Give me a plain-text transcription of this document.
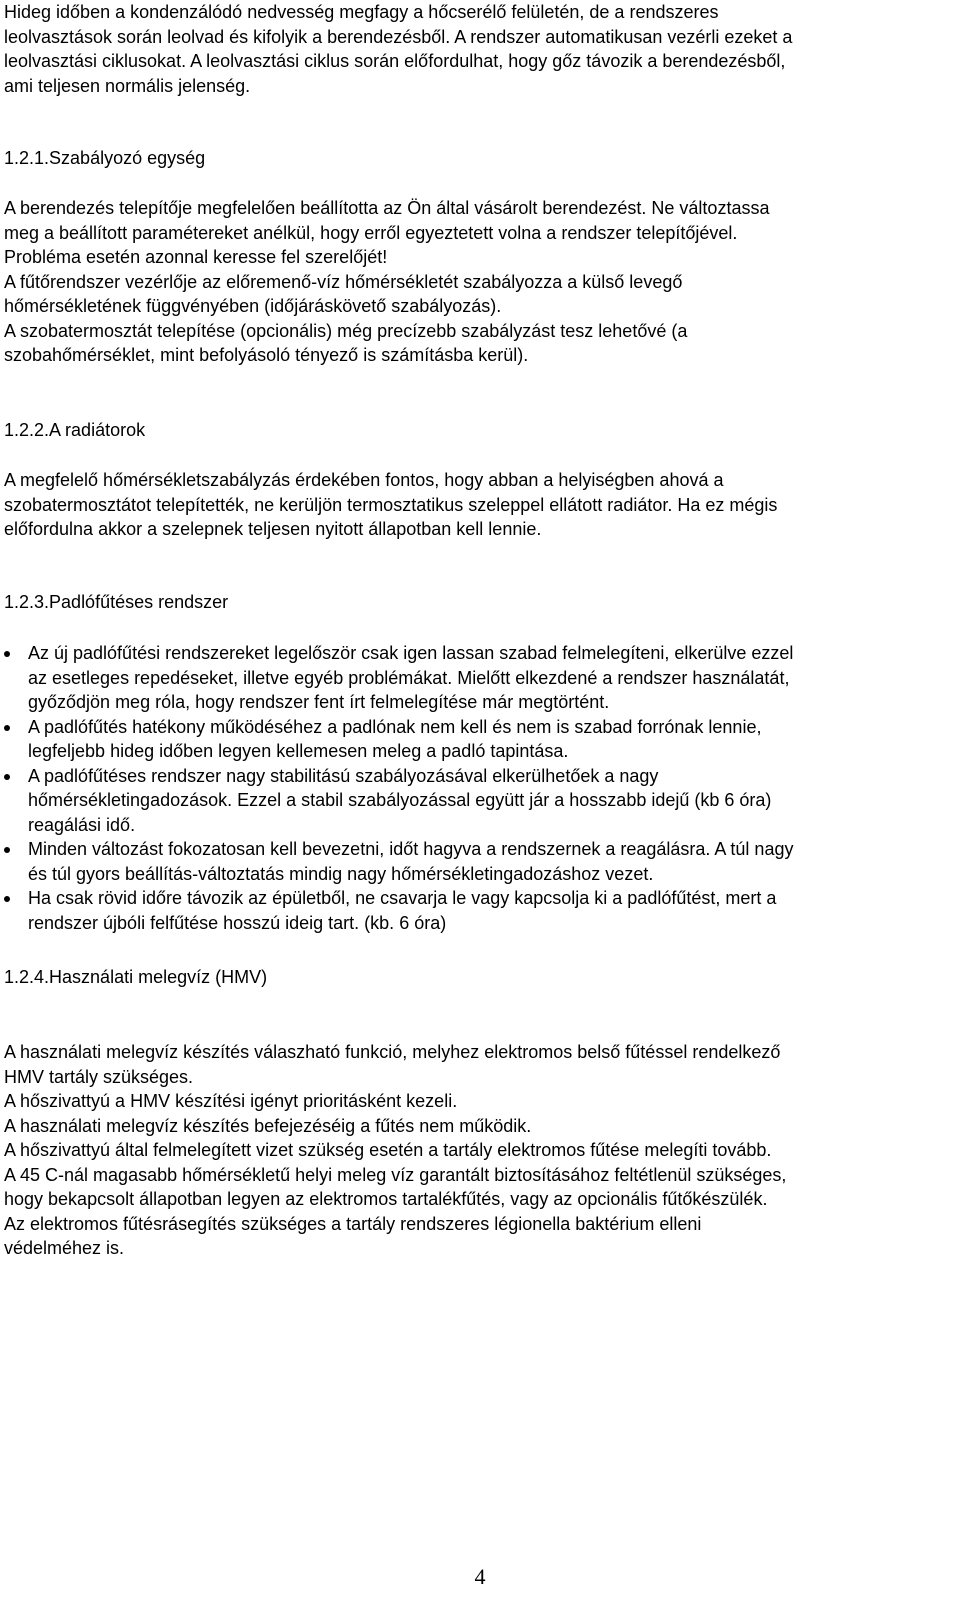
Hideg időben a kondenzálódó nedvesség megfagy a hőcserélő felületén, de a rendszeres
leolvasztások során leolvad és kifolyik a berendezésből. A rendszer automatikusan vezérli ezeket a
leolvasztási ciklusokat. A leolvasztási ciklus során előfordulhat, hogy gőz távozik a berendezésből,
ami teljesen normális jelenség.
1.2.1.Szabályozó egység
A berendezés telepítője megfelelően beállította az Ön által vásárolt berendezést. Ne változtassa
meg a beállított paramétereket anélkül, hogy erről egyeztetett volna a rendszer telepítőjével.
Probléma esetén azonnal keresse fel szerelőjét!
A fűtőrendszer vezérlője az előremenő-víz hőmérsékletét szabályozza a külső levegő
hőmérsékletének függvényében (időjáráskövető szabályozás).
A szobatermosztát telepítése (opcionális) még precízebb szabályzást tesz lehetővé (a
szobahőmérséklet, mint befolyásoló tényező is számításba kerül).
1.2.2.A radiátorok
A megfelelő hőmérsékletszabályzás érdekében fontos, hogy abban a helyiségben ahová a
szobatermosztátot telepítették, ne kerüljön termosztatikus szeleppel ellátott radiátor. Ha ez mégis
előfordulna akkor a szelepnek teljesen nyitott állapotban kell lennie.
1.2.3.Padlófűtéses rendszer
Az új padlófűtési rendszereket legelőször csak igen lassan szabad felmelegíteni, elkerülve ezzel
az esetleges repedéseket, illetve egyéb problémákat. Mielőtt elkezdené a rendszer használatát,
győződjön meg róla, hogy rendszer fent írt felmelegítése már megtörtént.
A padlófűtés hatékony működéséhez a padlónak nem kell és nem is szabad forrónak lennie,
legfeljebb hideg időben legyen kellemesen meleg a padló tapintása.
A padlófűtéses rendszer nagy stabilitású szabályozásával elkerülhetőek a nagy
hőmérsékletingadozások. Ezzel a stabil szabályozással együtt jár a hosszabb idejű (kb 6 óra)
reagálási idő.
Minden változást fokozatosan kell bevezetni, időt hagyva a rendszernek a reagálásra. A túl nagy
és túl gyors beállítás-változtatás mindig nagy hőmérsékletingadozáshoz vezet.
Ha csak rövid időre távozik az épületből, ne csavarja le vagy kapcsolja ki a padlófűtést, mert a
rendszer újbóli felfűtése hosszú ideig tart. (kb. 6 óra)
1.2.4.Használati melegvíz (HMV)
A használati melegvíz készítés válaszható funkció, melyhez elektromos belső fűtéssel rendelkező
HMV tartály szükséges.
A hőszivattyú a HMV készítési igényt prioritásként kezeli.
A használati melegvíz készítés befejezéséig a fűtés nem működik.
A hőszivattyú által felmelegített vizet szükség esetén a tartály elektromos fűtése melegíti tovább.
A 45 C-nál magasabb hőmérsékletű helyi meleg víz garantált biztosításához feltétlenül szükséges,
hogy bekapcsolt állapotban legyen az elektromos tartalékfűtés, vagy az opcionális fűtőkészülék.
Az elektromos fűtésrásegítés szükséges a tartály rendszeres légionella baktérium elleni
védelméhez is.
4
